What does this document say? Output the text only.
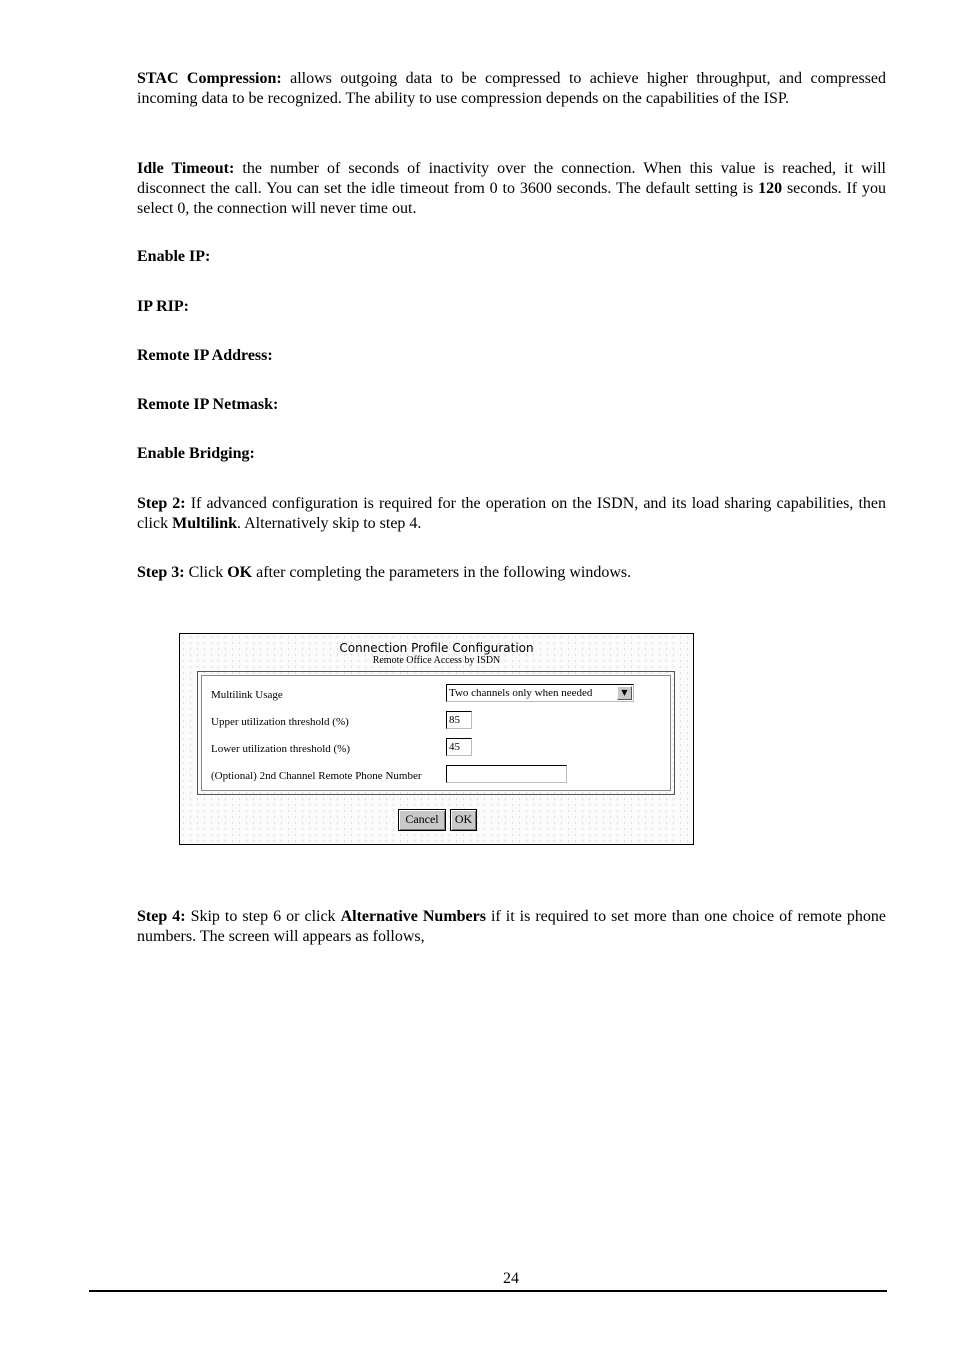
STAC Compression: allows outgoing data to be compressed to achieve higher throughput, and compressed incoming data to be recognized. The ability to use compression depends on the capabilities of the ISP.

Idle Timeout: the number of seconds of inactivity over the connection. When this value is reached, it will disconnect the call. You can set the idle timeout from 0 to 3600 seconds. The default setting is 120 seconds. If you select 0, the connection will never time out.

Enable IP:

IP RIP:

Remote IP Address:

Remote IP Netmask:

Enable Bridging:

Step 2: If advanced configuration is required for the operation on the ISDN, and its load sharing capabilities, then click Multilink. Alternatively skip to step 4.

Step 3: Click OK after completing the parameters in the following windows.

Connection Profile Configuration
Remote Office Access by ISDN
Multilink Usage	Two channels only when needed	▼
Upper utilization threshold (%)	85
Lower utilization threshold (%)	45
(Optional) 2nd Channel Remote Phone Number
Cancel	OK

Step 4: Skip to step 6 or click Alternative Numbers if it is required to set more than one choice of remote phone numbers. The screen will appears as follows,

24
